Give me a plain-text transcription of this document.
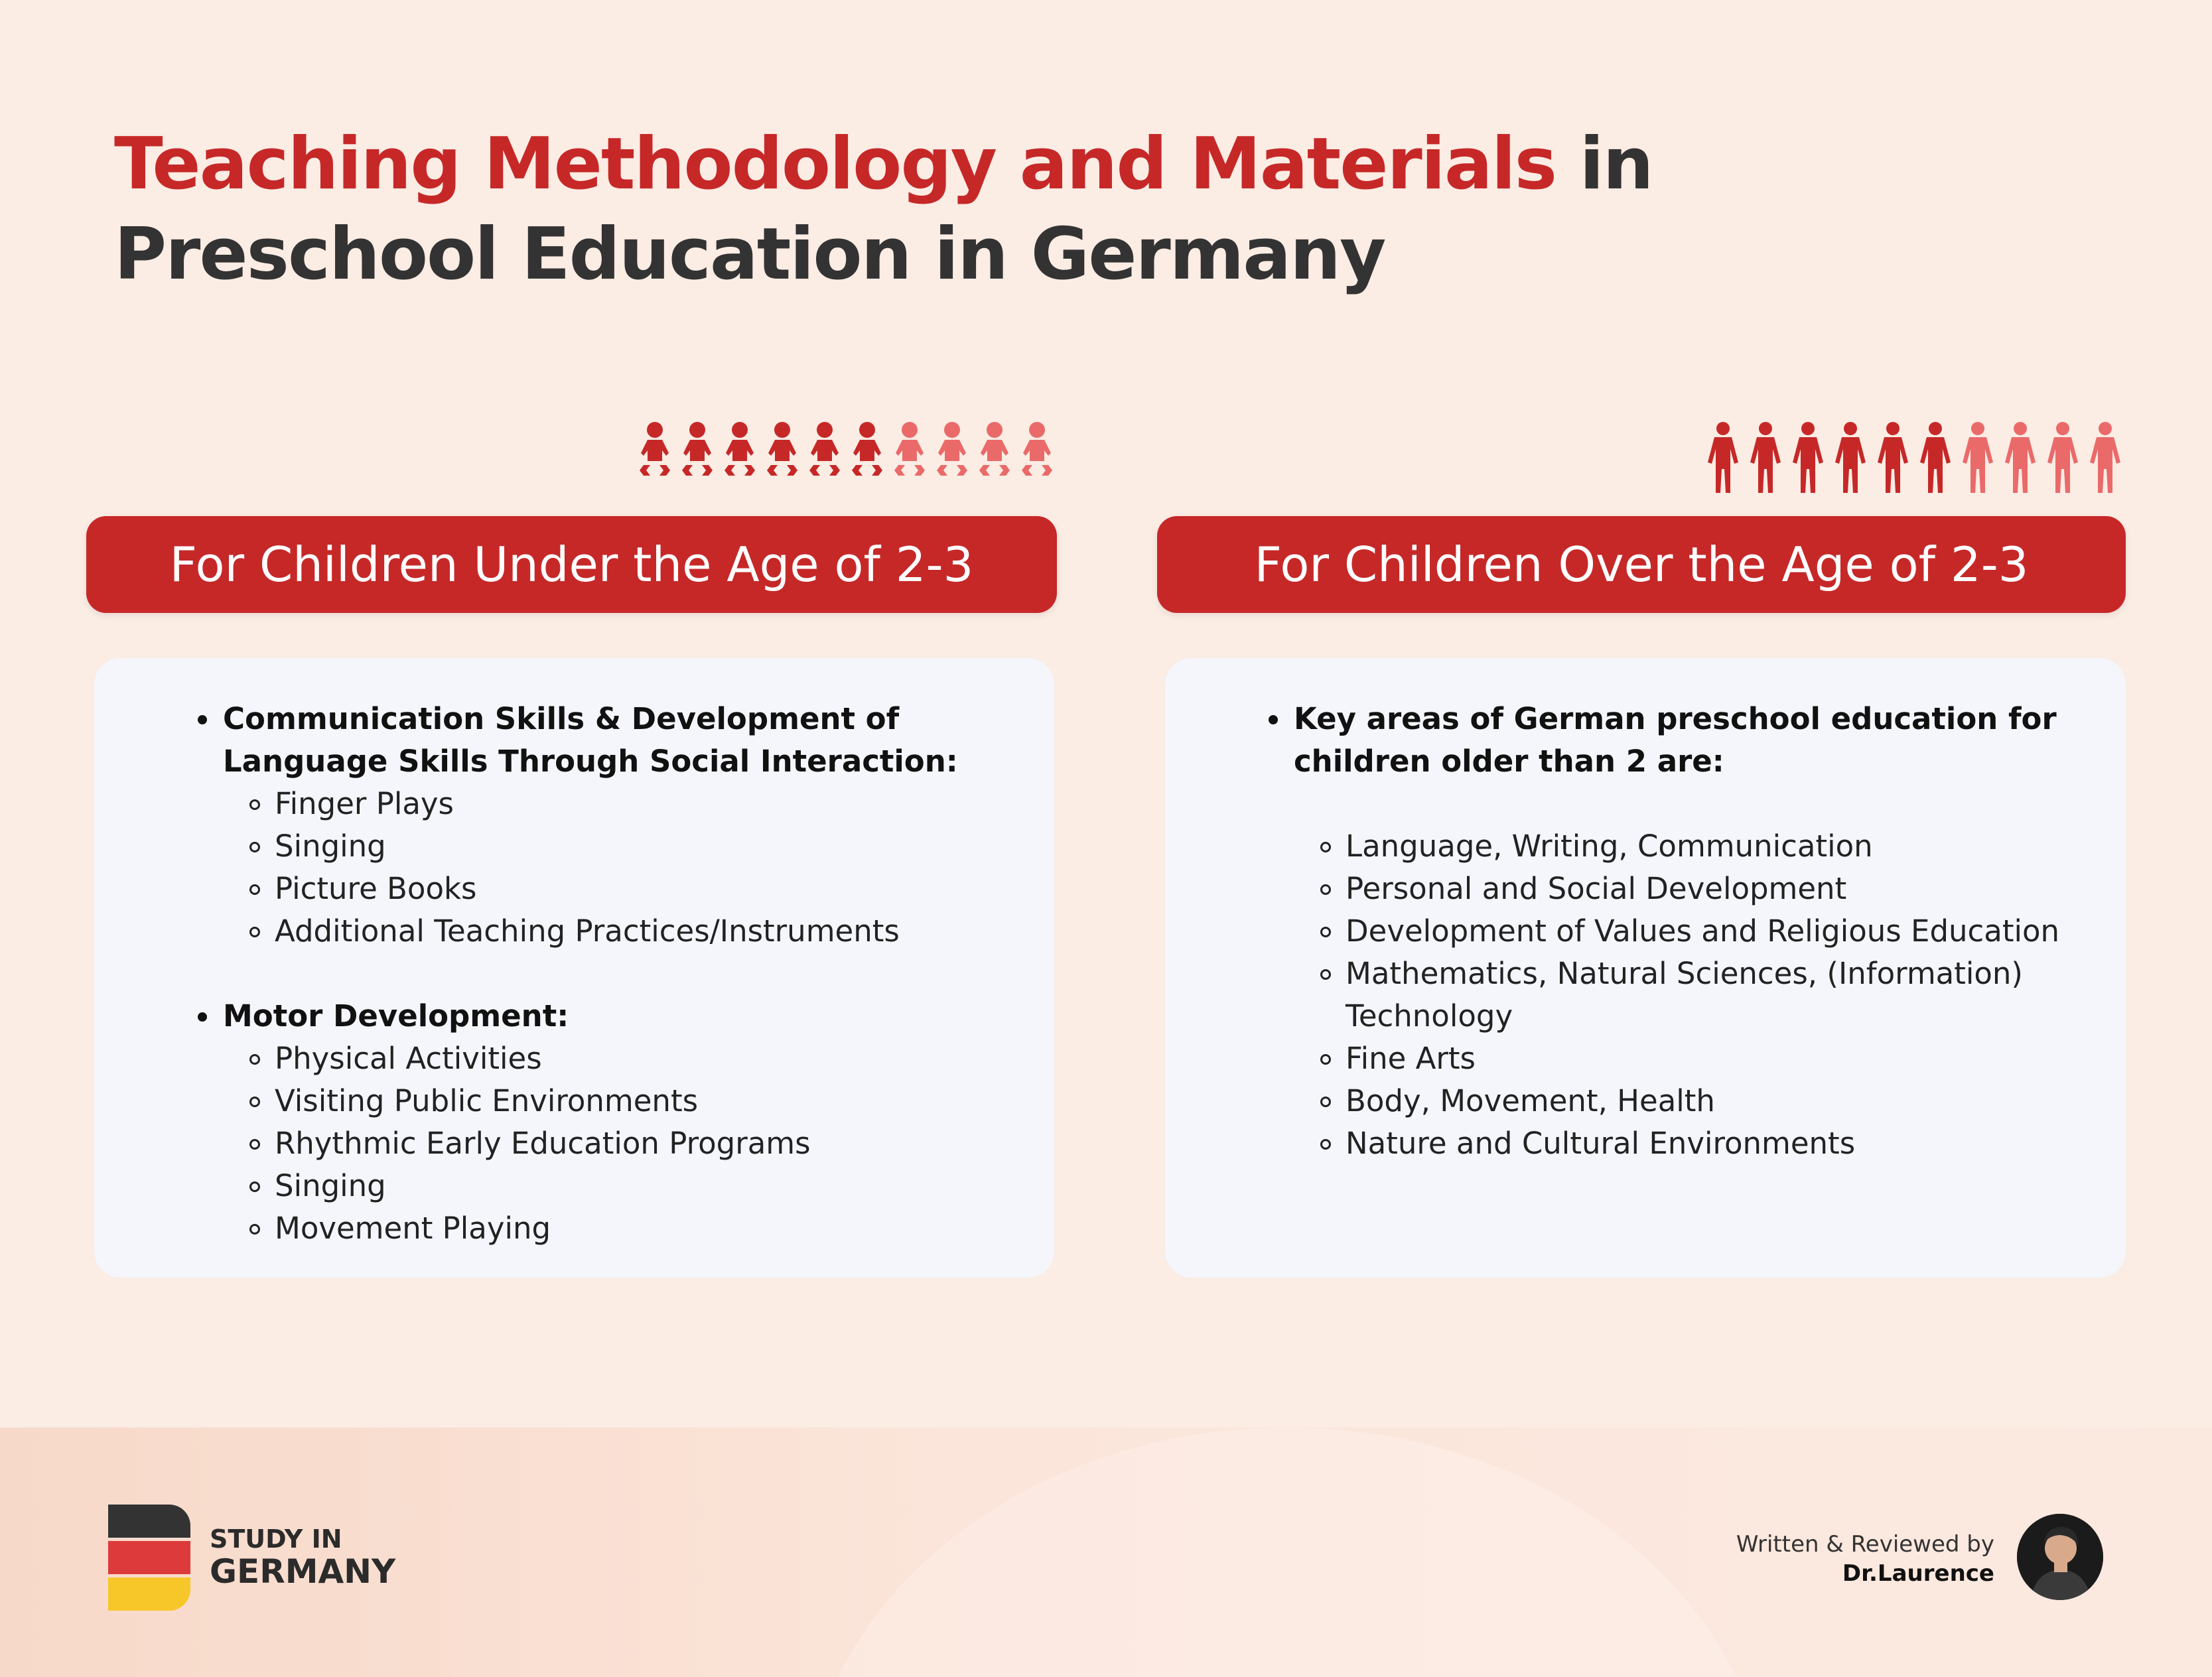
Teaching Methodology and Materials in Preschool Education in Germany
For Children Under the Age of 2-3	For Children Over the Age of 2-3
Communication Skills & Development of Language Skills Through Social Interaction:
Finger Plays
Singing
Picture Books
Additional Teaching Practices/Instruments
Motor Development:
Physical Activities
Visiting Public Environments
Rhythmic Early Education Programs
Singing
Movement Playing
Key areas of German preschool education for children older than 2 are:
Language, Writing, Communication
Personal and Social Development
Development of Values and Religious Education
Mathematics, Natural Sciences, (Information) Technology
Fine Arts
Body, Movement, Health
Nature and Cultural Environments
STUDY IN
GERMANY
Written & Reviewed by
Dr.Laurence
